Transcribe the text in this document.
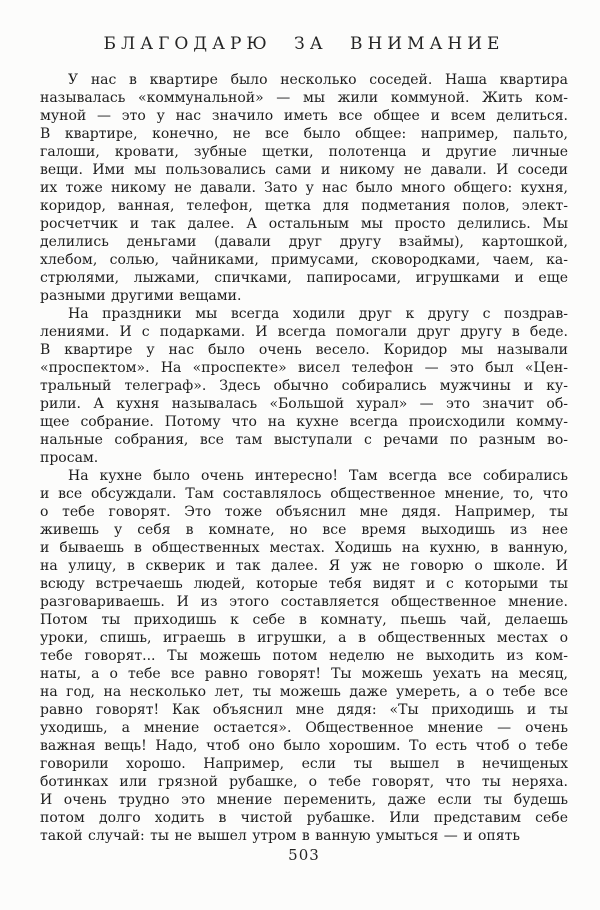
БЛАГОДАРЮ ЗА ВНИМАНИЕ
У нас в квартире было несколько соседей. Наша квартира
называлась «коммунальной» — мы жили коммуной. Жить ком-
муной — это у нас значило иметь все общее и всем делиться.
В квартире, конечно, не все было общее: например, пальто,
галоши, кровати, зубные щетки, полотенца и другие личные
вещи. Ими мы пользовались сами и никому не давали. И соседи
их тоже никому не давали. Зато у нас было много общего: кухня,
коридор, ванная, телефон, щетка для подметания полов, элект-
росчетчик и так далее. А остальным мы просто делились. Мы
делились деньгами (давали друг другу взаймы), картошкой,
хлебом, солью, чайниками, примусами, сковородками, чаем, ка-
стрюлями, лыжами, спичками, папиросами, игрушками и еще
разными другими вещами.
На праздники мы всегда ходили друг к другу с поздрав-
лениями. И с подарками. И всегда помогали друг другу в беде.
В квартире у нас было очень весело. Коридор мы называли
«проспектом». На «проспекте» висел телефон — это был «Цен-
тральный телеграф». Здесь обычно собирались мужчины и ку-
рили. А кухня называлась «Большой хурал» — это значит об-
щее собрание. Потому что на кухне всегда происходили комму-
нальные собрания, все там выступали с речами по разным во-
просам.
На кухне было очень интересно! Там всегда все собирались
и все обсуждали. Там составлялось общественное мнение, то, что
о тебе говорят. Это тоже объяснил мне дядя. Например, ты
живешь у себя в комнате, но все время выходишь из нее
и бываешь в общественных местах. Ходишь на кухню, в ванную,
на улицу, в скверик и так далее. Я уж не говорю о школе. И
всюду встречаешь людей, которые тебя видят и с которыми ты
разговариваешь. И из этого составляется общественное мнение.
Потом ты приходишь к себе в комнату, пьешь чай, делаешь
уроки, спишь, играешь в игрушки, а в общественных местах о
тебе говорят... Ты можешь потом неделю не выходить из ком-
наты, а о тебе все равно говорят! Ты можешь уехать на месяц,
на год, на несколько лет, ты можешь даже умереть, а о тебе все
равно говорят! Как объяснил мне дядя: «Ты приходишь и ты
уходишь, а мнение остается». Общественное мнение — очень
важная вещь! Надо, чтоб оно было хорошим. То есть чтоб о тебе
говорили хорошо. Например, если ты вышел в нечищеных
ботинках или грязной рубашке, о тебе говорят, что ты неряха.
И очень трудно это мнение переменить, даже если ты будешь
потом долго ходить в чистой рубашке. Или представим себе
такой случай: ты не вышел утром в ванную умыться — и опять
503
